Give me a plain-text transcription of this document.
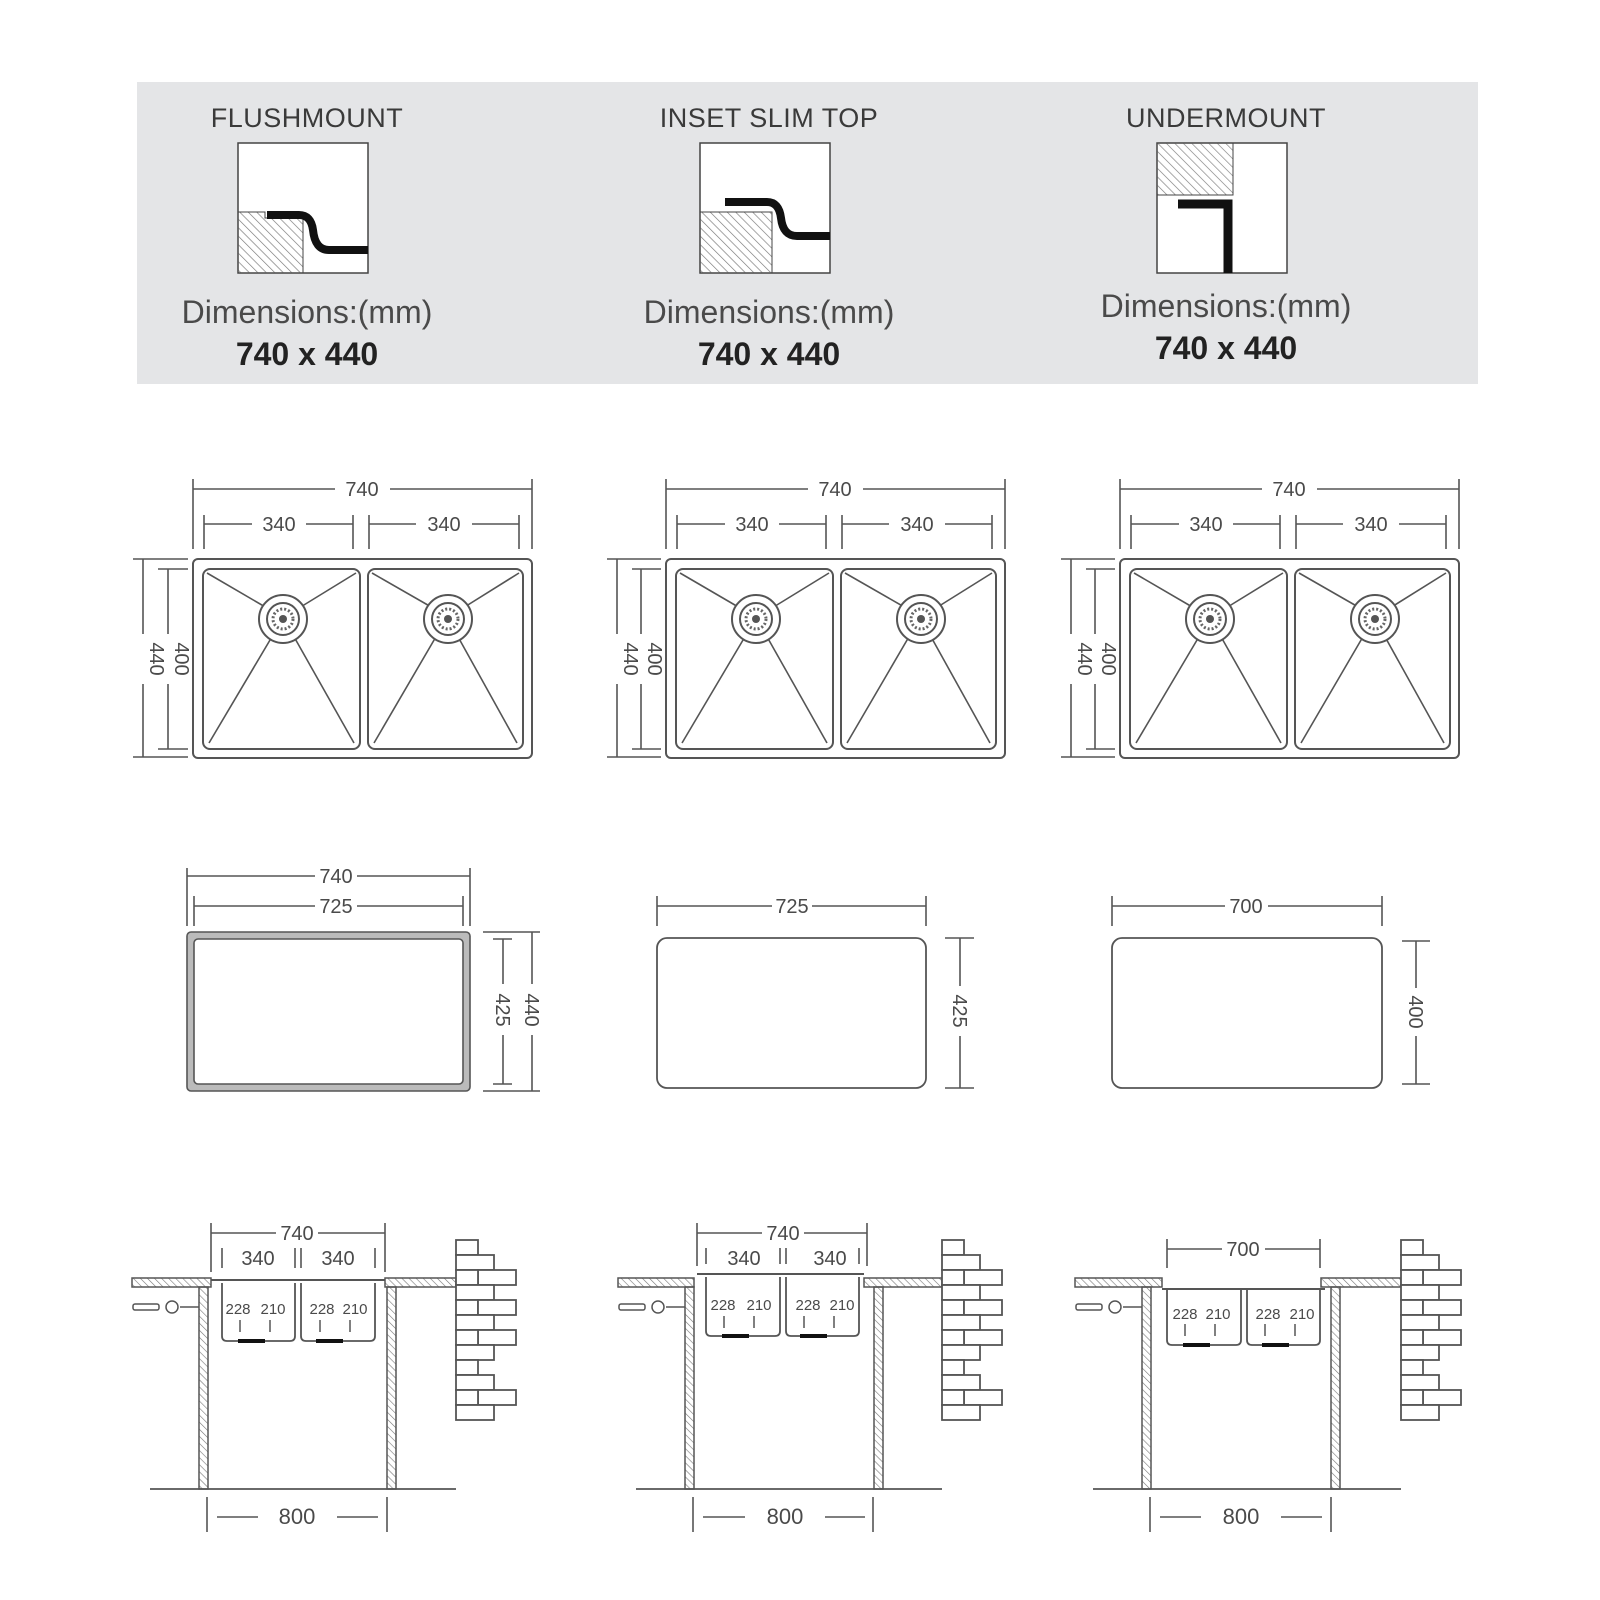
FLUSHMOUNT
Dimensions:(mm)
740 x 440
INSET SLIM TOP
Dimensions:(mm)
740 x 440
UNDERMOUNT
Dimensions:(mm)
740 x 440
740
340	340
440 400
740
340	340
440 400
740
340	340
440 400
740
725
425 440
725
425
700
400
740
340 340
228 210 228 210
800
740
340	340
228 210 228 210
800
700
228 210 228 210
800
